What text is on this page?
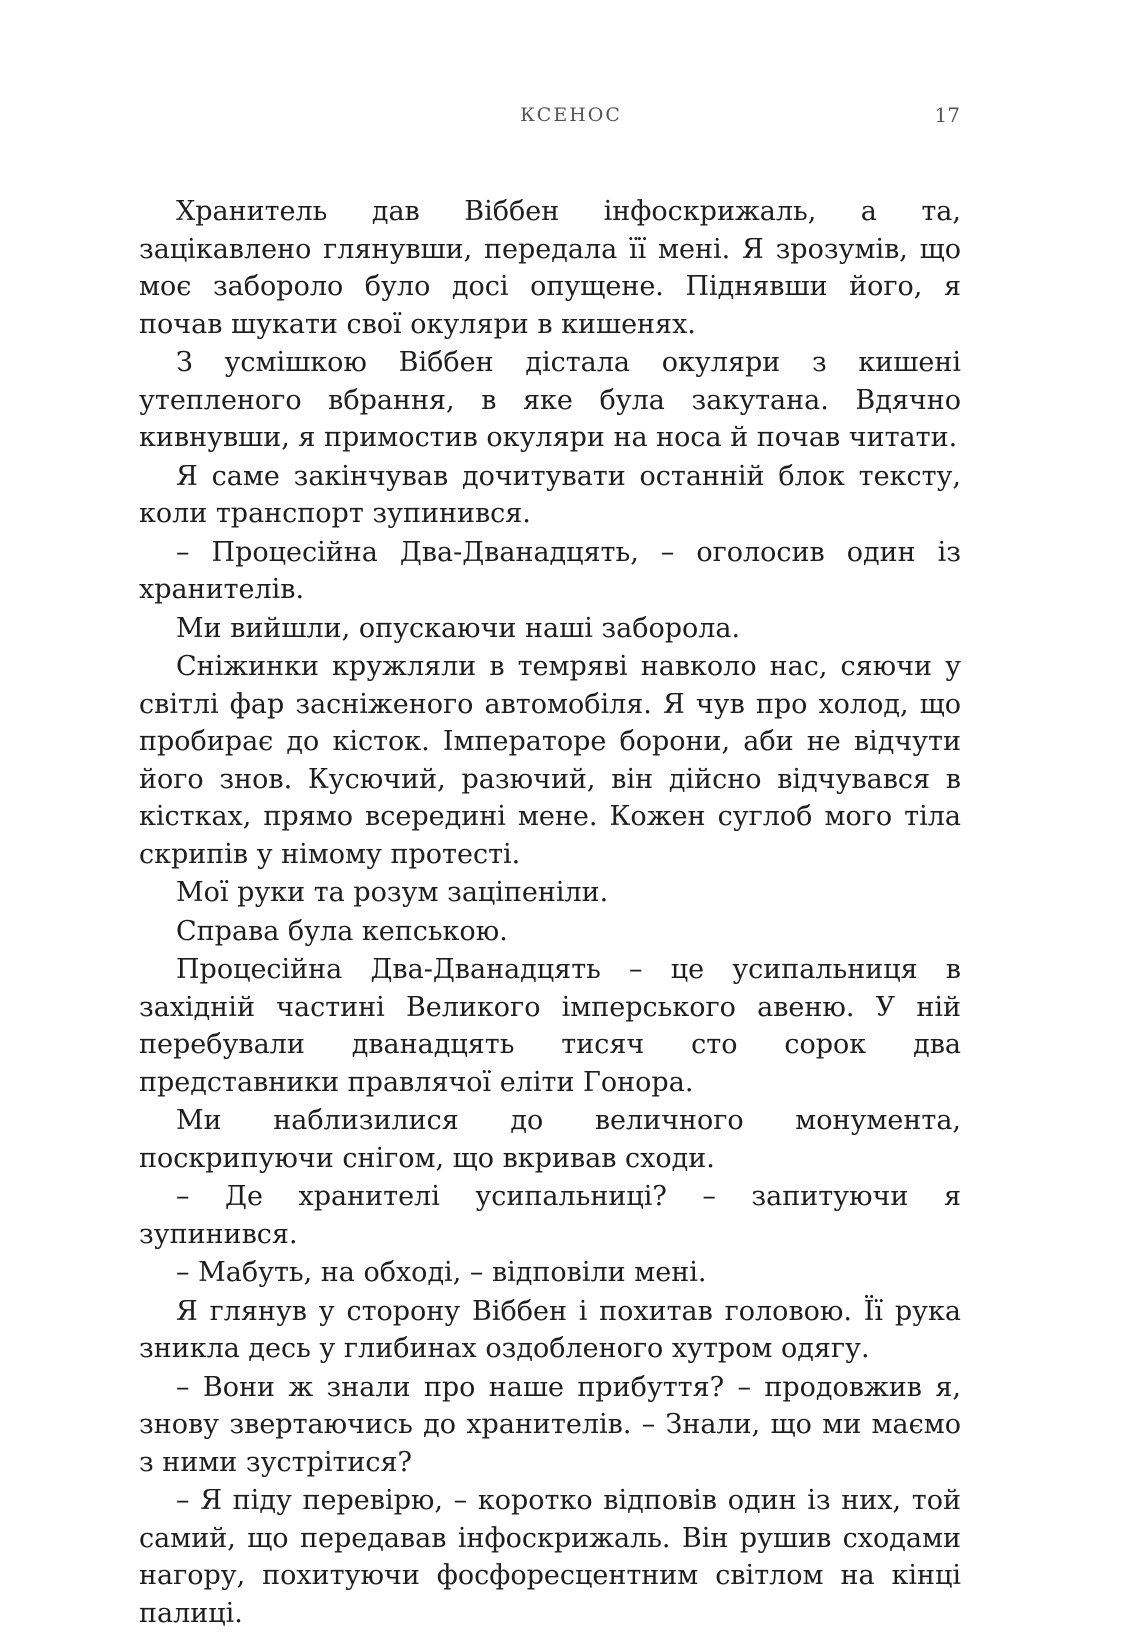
КСЕНОС	17

Хранитель дав Віббен інфоскрижаль, а та, зацікавлено глянувши, передала її мені. Я зрозумів, що моє забороло було досі опущене. Піднявши його, я почав шукати свої окуляри в кишенях.

З усмішкою Віббен дістала окуляри з кишені утепленого вбрання, в яке була закутана. Вдячно кивнувши, я примостив окуляри на носа й почав читати.

Я саме закінчував дочитувати останній блок тексту, коли транспорт зупинився.

– Процесійна Два-Дванадцять, – оголосив один із хранителів.

Ми вийшли, опускаючи наші заборола.

Сніжинки кружляли в темряві навколо нас, сяючи у світлі фар засніженого автомобіля. Я чув про холод, що пробирає до кісток. Імператоре борони, аби не відчути його знов. Кусючий, разючий, він дійсно відчувався в кістках, прямо всередині мене. Кожен суглоб мого тіла скрипів у німому протесті.

Мої руки та розум заціпеніли.

Справа була кепською.

Процесійна Два-Дванадцять – це усипальниця в західній частині Великого імперського авеню. У ній перебували дванадцять тисяч сто сорок два представники правлячої еліти Гонора.

Ми наблизилися до величного монумента, поскрипуючи снігом, що вкривав сходи.

– Де хранителі усипальниці? – запитуючи я зупинився.

– Мабуть, на обході, – відповіли мені.

Я глянув у сторону Віббен і похитав головою. Її рука зникла десь у глибинах оздобленого хутром одягу.

– Вони ж знали про наше прибуття? – продовжив я, знову звертаючись до хранителів. – Знали, що ми маємо з ними зустрітися?

– Я піду перевірю, – коротко відповів один із них, той самий, що передавав інфоскрижаль. Він рушив сходами нагору, похитуючи фосфоресцентним світлом на кінці палиці.
